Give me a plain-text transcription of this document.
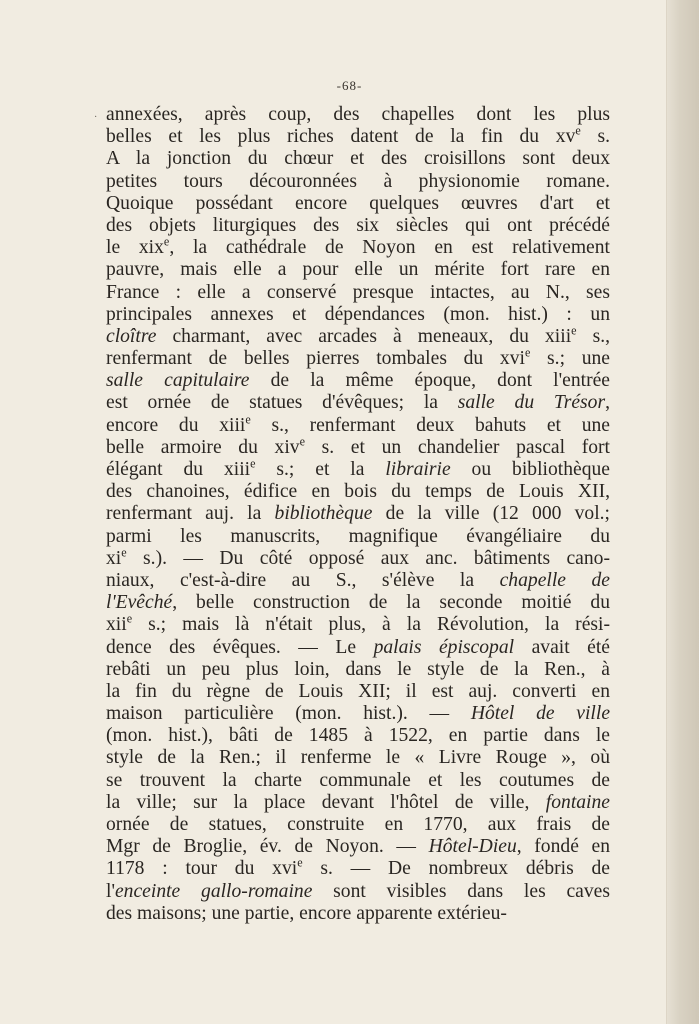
-68-
· annexées, après coup, des chapelles dont les plus
belles et les plus riches datent de la fin du $xv^e$ s.
A la jonction du chœur et des croisillons sont deux
petites tours découronnées à physionomie romane.
Quoique possédant encore quelques œuvres d'art et
des objets liturgiques des six siècles qui ont précédé
le xix$^e$, la cathédrale de Noyon en est relativement
pauvre, mais elle a pour elle un mérite fort rare en
France : elle a conservé presque intactes, au N., ses
principales annexes et dépendances (mon. hist.) : un
cloître charmant, avec arcades à meneaux, du xiii$^e$ s.,
renfermant de belles pierres tombales du xvi$^e$ s.; une
salle capitulaire de la même époque, dont l'entrée
est ornée de statues d'évêques; la salle du Trésor,
encore du xiii$^e$ s., renfermant deux bahuts et une
belle armoire du xiv$^e$ s. et un chandelier pascal fort
élégant du xiii$^e$ s.; et la librairie ou bibliothèque
des chanoines, édifice en bois du temps de Louis XII,
renfermant auj. la bibliothèque de la ville (12 000 vol.;
parmi les manuscrits, magnifique évangéliaire du
$xi^e$ s.). — Du côté opposé aux anc. bâtiments cano-
niaux, c'est-à-dire au S., s'élève la chapelle de
l'Evêché, belle construction de la seconde moitié du
xii$^e$ s.; mais là n'était plus, à la Révolution, la rési-
dence des évêques. — Le palais épiscopal avait été
rebâti un peu plus loin, dans le style de la Ren., à
la fin du règne de Louis XII; il est auj. converti en
maison particulière (mon. hist.). — Hôtel de ville
(mon. hist.), bâti de 1485 à 1522, en partie dans le
style de la Ren.; il renferme le « Livre Rouge », où
se trouvent la charte communale et les coutumes de
la ville; sur la place devant l'hôtel de ville, fontaine
ornée de statues, construite en 1770, aux frais de
Mgr de Broglie, év. de Noyon. — Hôtel-Dieu, fondé en
1178 : tour du xvi$^e$ s. — De nombreux débris de
l'enceinte gallo-romaine sont visibles dans les caves
des maisons; une partie, encore apparente extérieu-
